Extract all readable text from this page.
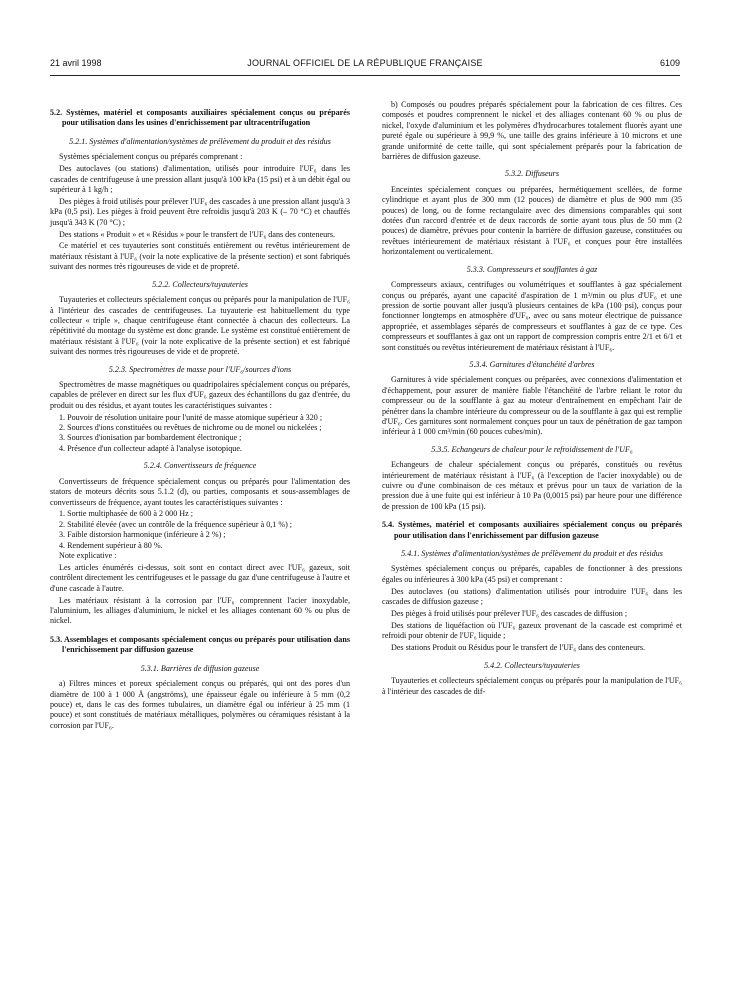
21 avril 1998	JOURNAL OFFICIEL DE LA RÉPUBLIQUE FRANÇAISE	6109

5.2. Systèmes, matériel et composants auxiliaires spécialement conçus ou préparés pour utilisation dans les usines d'enrichissement par ultracentrifugation

5.2.1. Systèmes d'alimentation/systèmes de prélèvement du produit et des résidus

Systèmes spécialement conçus ou préparés comprenant :

Des autoclaves (ou stations) d'alimentation, utilisés pour introduire l'UF₆ dans les cascades de centrifugeuse à une pression allant jusqu'à 100 kPa (15 psi) et à un débit égal ou supérieur à 1 kg/h ;

Des pièges à froid utilisés pour prélever l'UF₆ des cascades à une pression allant jusqu'à 3 kPa (0,5 psi). Les pièges à froid peuvent être refroidis jusqu'à 203 K (– 70 °C) et chauffés jusqu'à 343 K (70 °C) ;

Des stations « Produit » et « Résidus » pour le transfert de l'UF₆ dans des conteneurs.

Ce matériel et ces tuyauteries sont constitués entièrement ou revêtus intérieurement de matériaux résistant à l'UF₆ (voir la note explicative de la présente section) et sont fabriqués suivant des normes très rigoureuses de vide et de propreté.

5.2.2. Collecteurs/tuyauteries

Tuyauteries et collecteurs spécialement conçus ou préparés pour la manipulation de l'UF₆ à l'intérieur des cascades de centrifugeuses. La tuyauterie est habituellement du type collecteur « triple », chaque centrifugeuse étant connectée à chacun des collecteurs. La répétitivité du montage du système est donc grande. Le système est constitué entièrement de matériaux résistant à l'UF₆ (voir la note explicative de la présente section) et est fabriqué suivant des normes très rigoureuses de vide et de propreté.

5.2.3. Spectromètres de masse pour l'UF₆/sources d'ions

Spectromètres de masse magnétiques ou quadripolaires spécialement conçus ou préparés, capables de prélever en direct sur les flux d'UF₆ gazeux des échantillons du gaz d'entrée, du produit ou des résidus, et ayant toutes les caractéristiques suivantes :

1. Pouvoir de résolution unitaire pour l'unité de masse atomique supérieur à 320 ;

2. Sources d'ions constituées ou revêtues de nichrome ou de monel ou nickelées ;

3. Sources d'ionisation par bombardement électronique ;

4. Présence d'un collecteur adapté à l'analyse isotopique.

5.2.4. Convertisseurs de fréquence

Convertisseurs de fréquence spécialement conçus ou préparés pour l'alimentation des stators de moteurs décrits sous 5.1.2 (d), ou parties, composants et sous-assemblages de convertisseurs de fréquence, ayant toutes les caractéristiques suivantes :

1. Sortie multiphasée de 600 à 2 000 Hz ;

2. Stabilité élevée (avec un contrôle de la fréquence supérieur à 0,1 %) ;

3. Faible distorsion harmonique (inférieure à 2 %) ;

4. Rendement supérieur à 80 %.

Note explicative :

Les articles énumérés ci-dessus, soit sont en contact direct avec l'UF₆ gazeux, soit contrôlent directement les centrifugeuses et le passage du gaz d'une centrifugeuse à l'autre et d'une cascade à l'autre.

Les matériaux résistant à la corrosion par l'UF₆ comprennent l'acier inoxydable, l'aluminium, les alliages d'aluminium, le nickel et les alliages contenant 60 % ou plus de nickel.

5.3. Assemblages et composants spécialement conçus ou préparés pour utilisation dans l'enrichissement par diffusion gazeuse

5.3.1. Barrières de diffusion gazeuse

a) Filtres minces et poreux spécialement conçus ou préparés, qui ont des pores d'un diamètre de 100 à 1 000 Å (angströms), une épaisseur égale ou inférieure à 5 mm (0,2 pouce) et, dans le cas des formes tubulaires, un diamètre égal ou inférieur à 25 mm (1 pouce) et sont constitués de matériaux métalliques, polymères ou céramiques résistant à la corrosion par l'UF₆.

b) Composés ou poudres préparés spécialement pour la fabrication de ces filtres. Ces composés et poudres comprennent le nickel et des alliages contenant 60 % ou plus de nickel, l'oxyde d'aluminium et les polymères d'hydrocarbures totalement fluorés ayant une pureté égale ou supérieure à 99,9 %, une taille des grains inférieure à 10 microns et une grande uniformité de cette taille, qui sont spécialement préparés pour la fabrication de barrières de diffusion gazeuse.

5.3.2. Diffuseurs

Enceintes spécialement conçues ou préparées, hermétiquement scellées, de forme cylindrique et ayant plus de 300 mm (12 pouces) de diamètre et plus de 900 mm (35 pouces) de long, ou de forme rectangulaire avec des dimensions comparables qui sont dotées d'un raccord d'entrée et de deux raccords de sortie ayant tous plus de 50 mm (2 pouces) de diamètre, prévues pour contenir la barrière de diffusion gazeuse, constituées ou revêtues intérieurement de matériaux résistant à l'UF₆ et conçues pour être installées horizontalement ou verticalement.

5.3.3. Compresseurs et soufflantes à gaz

Compresseurs axiaux, centrifuges ou volumétriques et soufflantes à gaz spécialement conçus ou préparés, ayant une capacité d'aspiration de 1 m³/min ou plus d'UF₆ et une pression de sortie pouvant aller jusqu'à plusieurs centaines de kPa (100 psi), conçus pour fonctionner longtemps en atmosphère d'UF₆, avec ou sans moteur électrique de puissance appropriée, et assemblages séparés de compresseurs et soufflantes à gaz de ce type. Ces compresseurs et soufflantes à gaz ont un rapport de compression compris entre 2/1 et 6/1 et sont constitués ou revêtus intérieurement de matériaux résistant à l'UF₆.

5.3.4. Garnitures d'étanchéité d'arbres

Garnitures à vide spécialement conçues ou préparées, avec connexions d'alimentation et d'échappement, pour assurer de manière fiable l'étanchéité de l'arbre reliant le rotor du compresseur ou de la soufflante à gaz au moteur d'entraînement en empêchant l'air de pénétrer dans la chambre intérieure du compresseur ou de la soufflante à gaz qui est remplie d'UF₆. Ces garnitures sont normalement conçues pour un taux de pénétration de gaz tampon inférieur à 1 000 cm³/min (60 pouces cubes/min).

5.3.5. Echangeurs de chaleur pour le refroidissement de l'UF₆

Echangeurs de chaleur spécialement conçus ou préparés, constitués ou revêtus intérieurement de matériaux résistant à l'UF₆ (à l'exception de l'acier inoxydable) ou de cuivre ou d'une combinaison de ces métaux et prévus pour un taux de variation de la pression due à une fuite qui est inférieur à 10 Pa (0,0015 psi) par heure pour une différence de pression de 100 kPa (15 psi).

5.4. Systèmes, matériel et composants auxiliaires spécialement conçus ou préparés pour utilisation dans l'enrichissement par diffusion gazeuse

5.4.1. Systèmes d'alimentation/systèmes de prélèvement du produit et des résidus

Systèmes spécialement conçus ou préparés, capables de fonctionner à des pressions égales ou inférieures à 300 kPa (45 psi) et comprenant :

Des autoclaves (ou stations) d'alimentation utilisés pour introduire l'UF₆ dans les cascades de diffusion gazeuse ;

Des pièges à froid utilisés pour prélever l'UF₆ des cascades de diffusion ;

Des stations de liquéfaction où l'UF₆ gazeux provenant de la cascade est comprimé et refroidi pour obtenir de l'UF₆ liquide ;

Des stations Produit ou Résidus pour le transfert de l'UF₆ dans des conteneurs.

5.4.2. Collecteurs/tuyauteries

Tuyauteries et collecteurs spécialement conçus ou préparés pour la manipulation de l'UF₆ à l'intérieur des cascades de dif-
